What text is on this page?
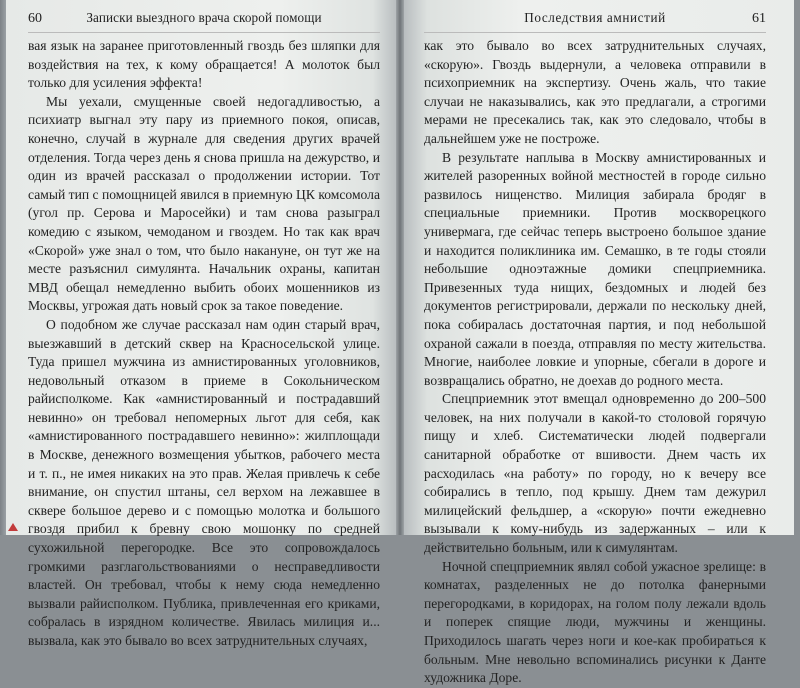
60	Записки выездного врача скорой помощи

вая язык на заранее приготовленный гвоздь без шляпки для воздействия на тех, к кому обращается! А молоток был только для усиления эффекта!

Мы уехали, смущенные своей недогадливостью, а психиатр выгнал эту пару из приемного покоя, описав, конечно, случай в журнале для сведения других врачей отделения. Тогда через день я снова пришла на дежурство, и один из врачей рассказал о продолжении истории. Тот самый тип с помощницей явился в приемную ЦК комсомола (угол пр. Серова и Маросейки) и там снова разыграл комедию с языком, чемоданом и гвоздем. Но так как врач «Скорой» уже знал о том, что было накануне, он тут же на месте разъяснил симулянта. Начальник охраны, капитан МВД обещал немедленно выбить обоих мошенников из Москвы, угрожая дать новый срок за такое поведение.

О подобном же случае рассказал нам один старый врач, выезжавший в детский сквер на Красносельской улице. Туда пришел мужчина из амнистированных уголовников, недовольный отказом в приеме в Сокольническом райисполкоме. Как «амнистированный и пострадавший невинно» он требовал непомерных льгот для себя, как «амнистированного пострадавшего невинно»: жилплощади в Москве, денежного возмещения убытков, рабочего места и т. п., не имея никаких на это прав. Желая привлечь к себе внимание, он спустил штаны, сел верхом на лежавшее в сквере большое дерево и с помощью молотка и большого гвоздя прибил к бревну свою мошонку по средней сухожильной перегородке. Все это сопровождалось громкими разглагольствованиями о несправедливости властей. Он требовал, чтобы к нему сюда немедленно вызвали райисполком. Публика, привлеченная его криками, собралась в изрядном количестве. Явилась милиция и... вызвала, как это бывало во всех затруднительных случаях,

Последствия амнистий	61

как это бывало во всех затруднительных случаях, «скорую». Гвоздь выдернули, а человека отправили в психоприемник на экспертизу. Очень жаль, что такие случаи не наказывались, как это предлагали, а строгими мерами не пресекались так, как это следовало, чтобы в дальнейшем уже не построже.

В результате наплыва в Москву амнистированных и жителей разоренных войной местностей в городе сильно развилось нищенство. Милиция забирала бродяг в специальные приемники. Против москворецкого универмага, где сейчас теперь выстроено большое здание и находится поликлиника им. Семашко, в те годы стояли небольшие одноэтажные домики спецприемника. Привезенных туда нищих, бездомных и людей без документов регистрировали, держали по нескольку дней, пока собиралась достаточная партия, и под небольшой охраной сажали в поезда, отправляя по месту жительства. Многие, наиболее ловкие и упорные, сбегали в дороге и возвращались обратно, не доехав до родного места.

Спецприемник этот вмещал одновременно до 200–500 человек, на них получали в какой-то столовой горячую пищу и хлеб. Систематически людей подвергали санитарной обработке от вшивости. Днем часть их расходилась «на работу» по городу, но к вечеру все собирались в тепло, под крышу. Днем там дежурил милицейский фельдшер, а «скорую» почти ежедневно вызывали к кому-нибудь из задержанных – или к действительно больным, или к симулянтам.

Ночной спецприемник являл собой ужасное зрелище: в комнатах, разделенных не до потолка фанерными перегородками, в коридорах, на голом полу лежали вдоль и поперек спящие люди, мужчины и женщины. Приходилось шагать через ноги и кое-как пробираться к больным. Мне невольно вспоминались рисунки к Данте художника Доре.
